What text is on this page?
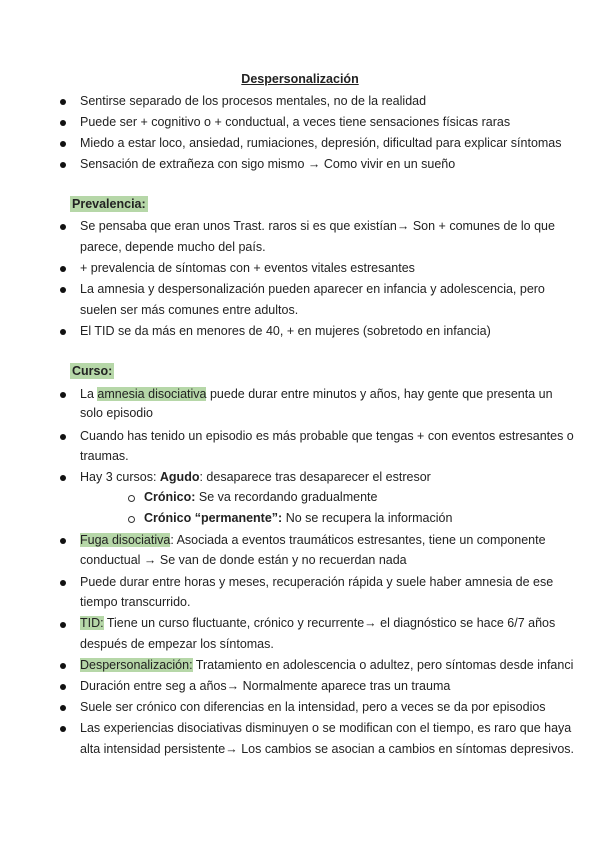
Despersonalización
Sentirse separado de los procesos mentales, no de la realidad
Puede ser + cognitivo o + conductual, a veces tiene sensaciones físicas raras
Miedo a estar loco, ansiedad, rumiaciones, depresión, dificultad para explicar síntomas
Sensación de extrañeza con sigo mismo → Como vivir en un sueño
Prevalencia:
Se pensaba que eran unos Trast. raros si es que existían→ Son + comunes de lo que
parece, depende mucho del país.
+ prevalencia de síntomas con + eventos vitales estresantes
La amnesia y despersonalización pueden aparecer en infancia y adolescencia, pero
suelen ser más comunes entre adultos.
El TID se da más en menores de 40, + en mujeres (sobretodo en infancia)
Curso:
La amnesia disociativa puede durar entre minutos y años, hay gente que presenta un
solo episodio
Cuando has tenido un episodio es más probable que tengas + con eventos estresantes o
traumas.
Hay 3 cursos: Agudo: desaparece tras desaparecer el estresor
Crónico: Se va recordando gradualmente
Crónico “permanente”: No se recupera la información
Fuga disociativa: Asociada a eventos traumáticos estresantes, tiene un componente
conductual → Se van de donde están y no recuerdan nada
Puede durar entre horas y meses, recuperación rápida y suele haber amnesia de ese
tiempo transcurrido.
TID: Tiene un curso fluctuante, crónico y recurrente→ el diagnóstico se hace 6/7 años
después de empezar los síntomas.
Despersonalización: Tratamiento en adolescencia o adultez, pero síntomas desde infanci
Duración entre seg a años→ Normalmente aparece tras un trauma
Suele ser crónico con diferencias en la intensidad, pero a veces se da por episodios
Las experiencias disociativas disminuyen o se modifican con el tiempo, es raro que haya
alta intensidad persistente→ Los cambios se asocian a cambios en síntomas depresivos.
